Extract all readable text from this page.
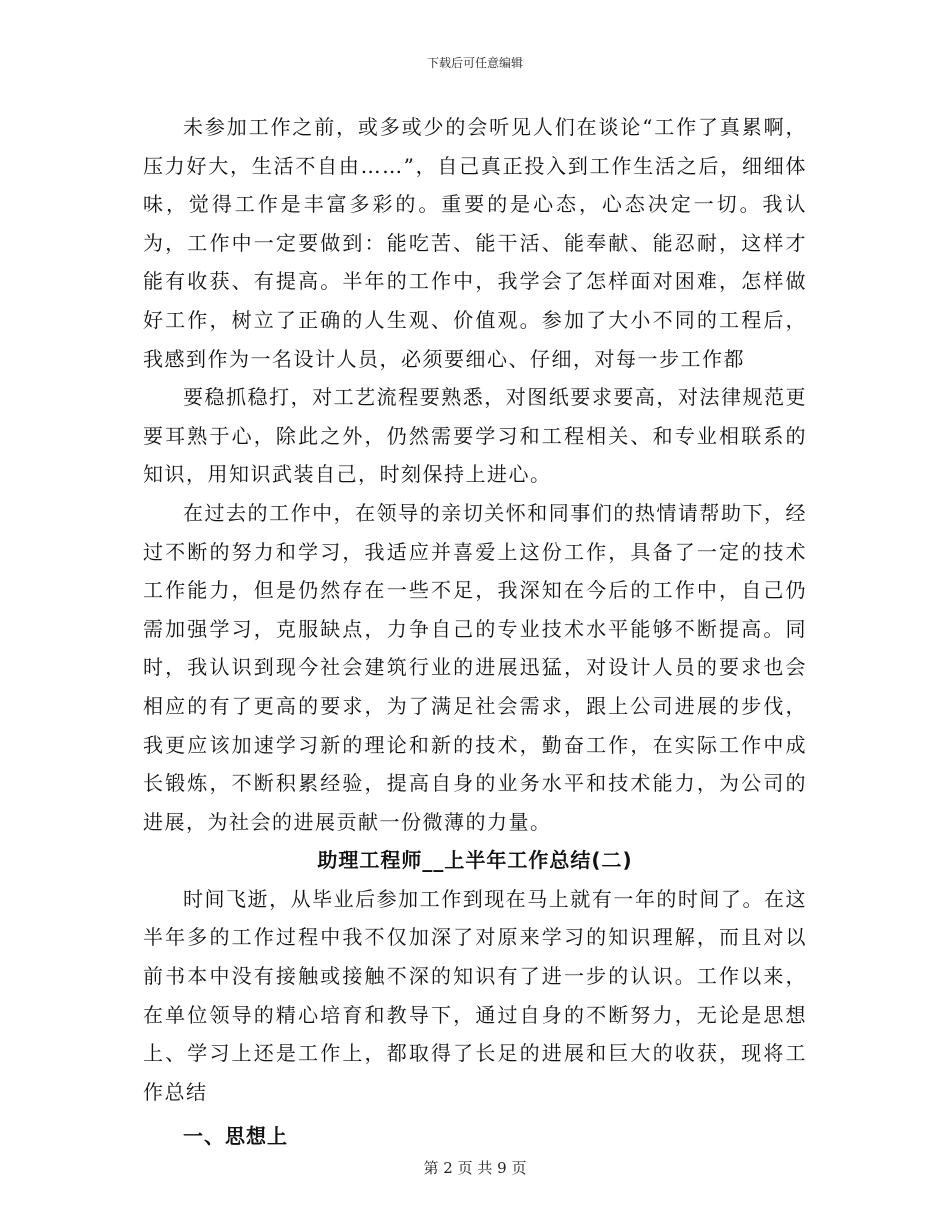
下载后可任意编辑

未参加工作之前，或多或少的会听见人们在谈论“工作了真累啊，压力好大，生活不自由……”，自己真正投入到工作生活之后，细细体味，觉得工作是丰富多彩的。重要的是心态，心态决定一切。我认为，工作中一定要做到：能吃苦、能干活、能奉献、能忍耐，这样才能有收获、有提高。半年的工作中，我学会了怎样面对困难，怎样做好工作，树立了正确的人生观、价值观。参加了大小不同的工程后，我感到作为一名设计人员，必须要细心、仔细，对每一步工作都

要稳抓稳打，对工艺流程要熟悉，对图纸要求要高，对法律规范更要耳熟于心，除此之外，仍然需要学习和工程相关、和专业相联系的知识，用知识武装自己，时刻保持上进心。

在过去的工作中，在领导的亲切关怀和同事们的热情请帮助下，经过不断的努力和学习，我适应并喜爱上这份工作，具备了一定的技术工作能力，但是仍然存在一些不足，我深知在今后的工作中，自己仍需加强学习，克服缺点，力争自己的专业技术水平能够不断提高。同时，我认识到现今社会建筑行业的进展迅猛，对设计人员的要求也会相应的有了更高的要求，为了满足社会需求，跟上公司进展的步伐，我更应该加速学习新的理论和新的技术，勤奋工作，在实际工作中成长锻炼，不断积累经验，提高自身的业务水平和技术能力，为公司的进展，为社会的进展贡献一份微薄的力量。

助理工程师__上半年工作总结(二)

时间飞逝，从毕业后参加工作到现在马上就有一年的时间了。在这半年多的工作过程中我不仅加深了对原来学习的知识理解，而且对以前书本中没有接触或接触不深的知识有了进一步的认识。工作以来，在单位领导的精心培育和教导下，通过自身的不断努力，无论是思想上、学习上还是工作上，都取得了长足的进展和巨大的收获，现将工作总结

一、思想上

第 2 页 共 9 页
